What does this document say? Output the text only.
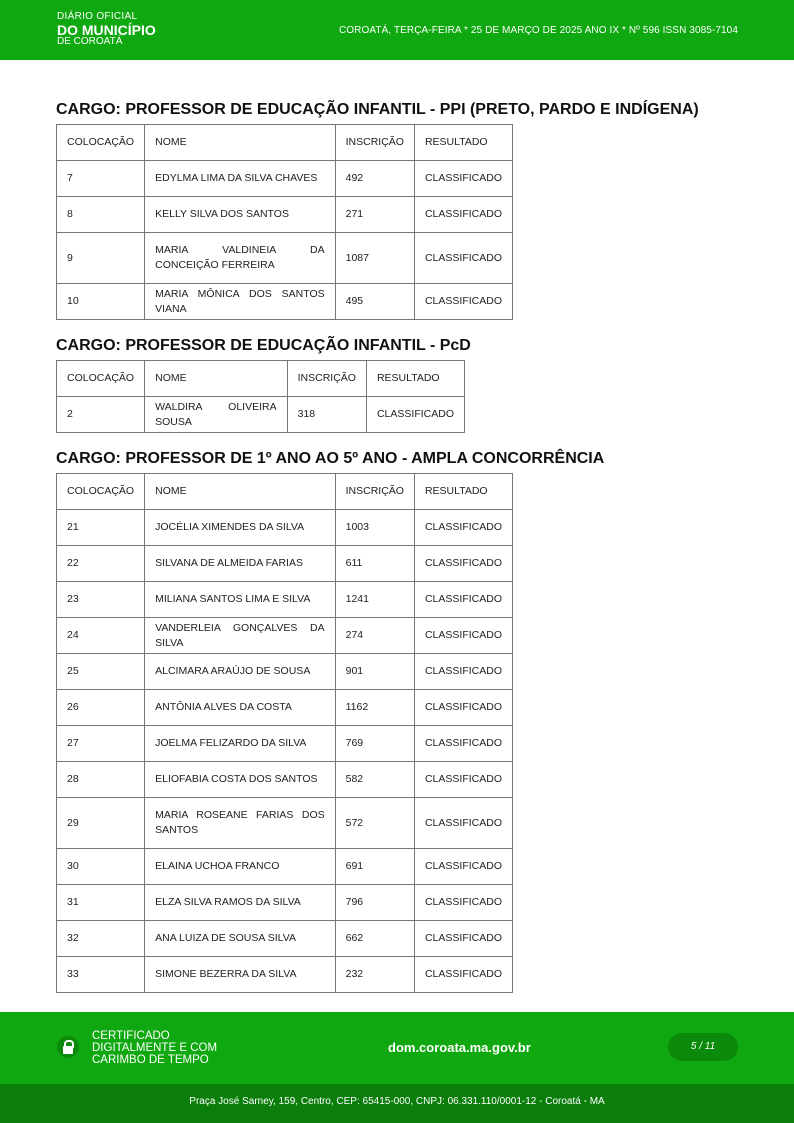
DIÁRIO OFICIAL
DO MUNICÍPIO
DE COROATÁ
COROATÁ, TERÇA-FEIRA * 25 DE MARÇO DE 2025 ANO IX * Nº 596 ISSN 3085-7104
CARGO: PROFESSOR DE EDUCAÇÃO INFANTIL - PPI (PRETO, PARDO E INDÍGENA)
COLOCAÇÃO	NOME	INSCRIÇÃO	RESULTADO
7	EDYLMA LIMA DA SILVA CHAVES	492	CLASSIFICADO
8	KELLY SILVA DOS SANTOS	271	CLASSIFICADO
9	MARIA VALDINEIA DA CONCEIÇÃO FERREIRA	1087	CLASSIFICADO
10	MARIA MÔNICA DOS SANTOS VIANA	495	CLASSIFICADO
CARGO: PROFESSOR DE EDUCAÇÃO INFANTIL - PcD
COLOCAÇÃO	NOME	INSCRIÇÃO	RESULTADO
2	WALDIRA OLIVEIRA SOUSA	318	CLASSIFICADO
CARGO: PROFESSOR DE 1º ANO AO 5º ANO - AMPLA CONCORRÊNCIA
COLOCAÇÃO	NOME	INSCRIÇÃO	RESULTADO
21	JOCÉLIA XIMENDES DA SILVA	1003	CLASSIFICADO
22	SILVANA DE ALMEIDA FARIAS	611	CLASSIFICADO
23	MILIANA SANTOS LIMA E SILVA	1241	CLASSIFICADO
24	VANDERLEIA GONÇALVES DA SILVA	274	CLASSIFICADO
25	ALCIMARA ARAÚJO DE SOUSA	901	CLASSIFICADO
26	ANTÔNIA ALVES DA COSTA	1162	CLASSIFICADO
27	JOELMA FELIZARDO DA SILVA	769	CLASSIFICADO
28	ELIOFABIA COSTA DOS SANTOS	582	CLASSIFICADO
29	MARIA ROSEANE FARIAS DOS SANTOS	572	CLASSIFICADO
30	ELAINA UCHOA FRANCO	691	CLASSIFICADO
31	ELZA SILVA RAMOS DA SILVA	796	CLASSIFICADO
32	ANA LUIZA DE SOUSA SILVA	662	CLASSIFICADO
33	SIMONE BEZERRA DA SILVA	232	CLASSIFICADO
CERTIFICADO
DIGITALMENTE E COM
CARIMBO DE TEMPO
dom.coroata.ma.gov.br	5 / 11
Praça José Sarney, 159, Centro, CEP: 65415-000, CNPJ: 06.331.110/0001-12 - Coroatá - MA
